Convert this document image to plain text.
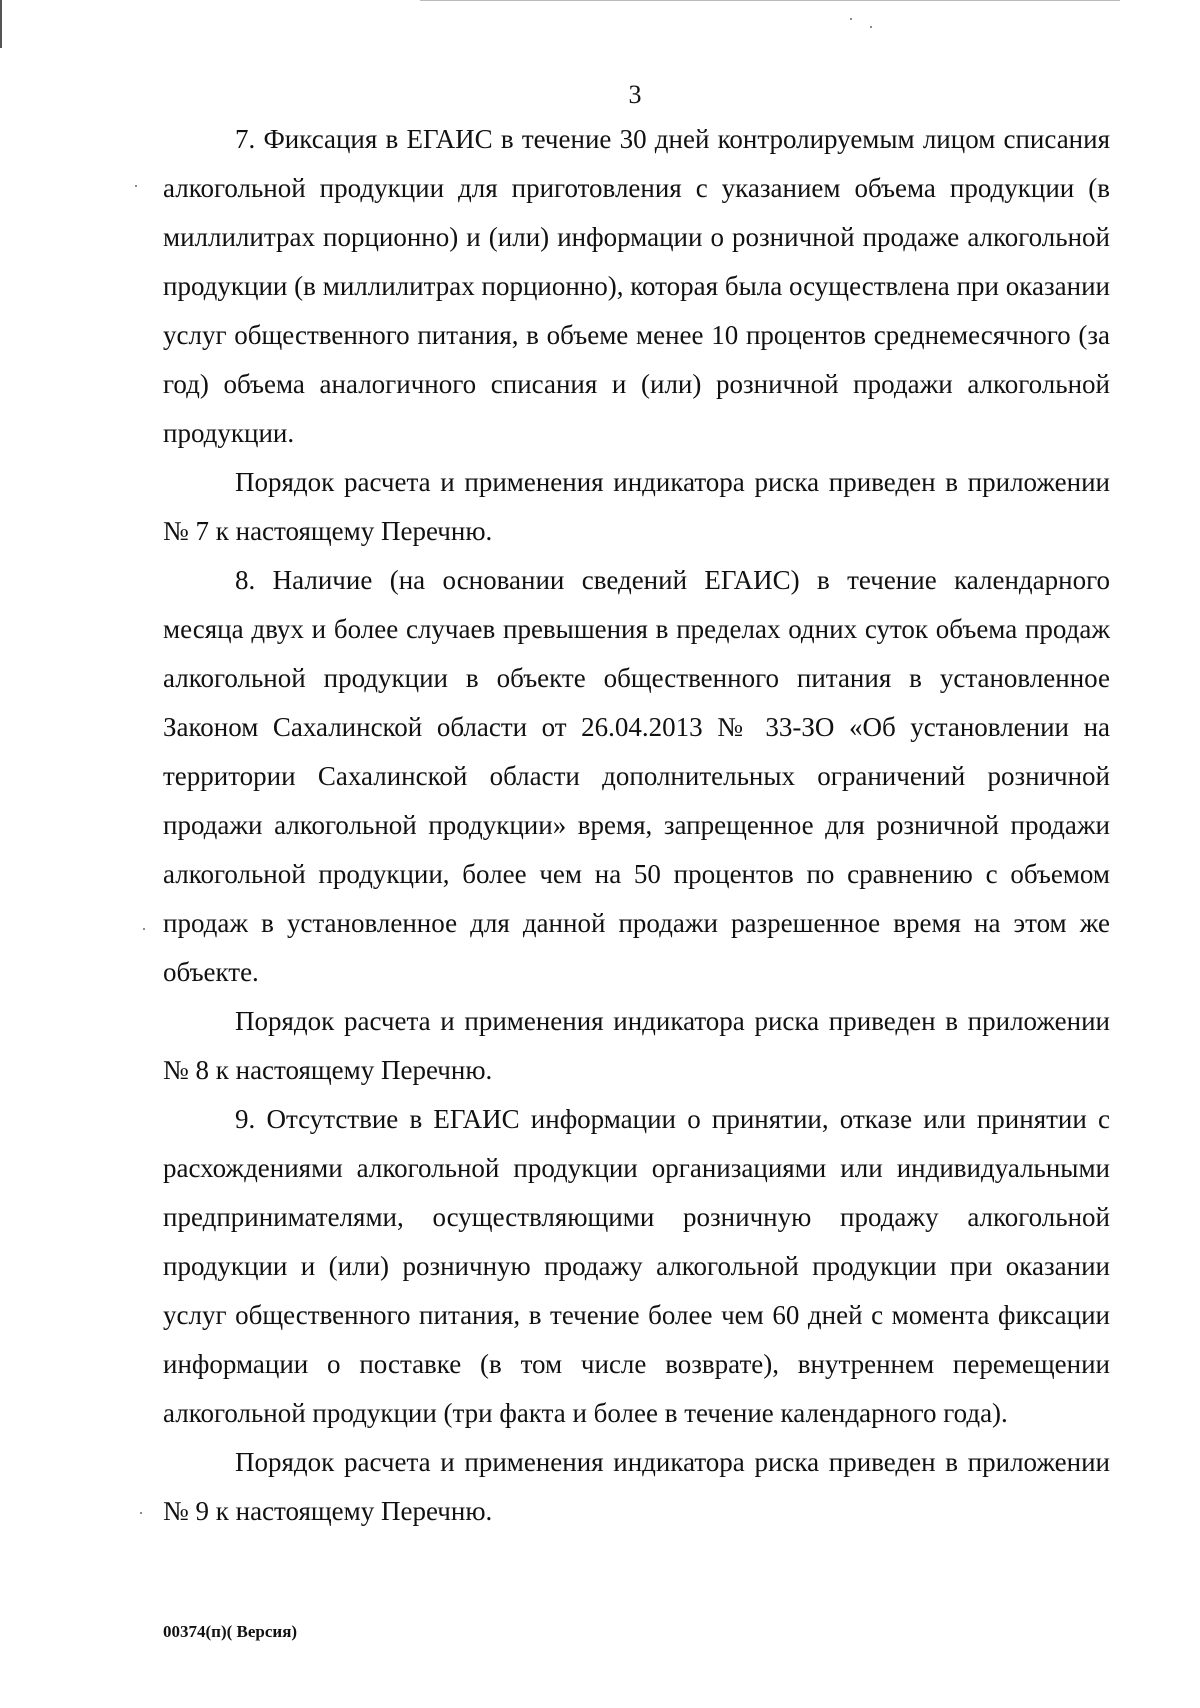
3

7. Фиксация в ЕГАИС в течение 30 дней контролируемым лицом списания алкогольной продукции для приготовления с указанием объема продукции (в миллилитрах порционно) и (или) информации о розничной продаже алкогольной продукции (в миллилитрах порционно), которая была осуществлена при оказании услуг общественного питания, в объеме менее 10 процентов среднемесячного (за год) объема аналогичного списания и (или) розничной продажи алкогольной продукции.

Порядок расчета и применения индикатора риска приведен в приложении № 7 к настоящему Перечню.

8. Наличие (на основании сведений ЕГАИС) в течение календарного месяца двух и более случаев превышения в пределах одних суток объема продаж алкогольной продукции в объекте общественного питания в установленное Законом Сахалинской области от 26.04.2013 № 33-ЗО «Об установлении на территории Сахалинской области дополнительных ограничений розничной продажи алкогольной продукции» время, запрещенное для розничной продажи алкогольной продукции, более чем на 50 процентов по сравнению с объемом продаж в установленное для данной продажи разрешенное время на этом же объекте.

Порядок расчета и применения индикатора риска приведен в приложении № 8 к настоящему Перечню.

9. Отсутствие в ЕГАИС информации о принятии, отказе или принятии с расхождениями алкогольной продукции организациями или индивидуальными предпринимателями, осуществляющими розничную продажу алкогольной продукции и (или) розничную продажу алкогольной продукции при оказании услуг общественного питания, в течение более чем 60 дней с момента фиксации информации о поставке (в том числе возврате), внутреннем перемещении алкогольной продукции (три факта и более в течение календарного года).

Порядок расчета и применения индикатора риска приведен в приложении № 9 к настоящему Перечню.

00374(п)( Версия)
